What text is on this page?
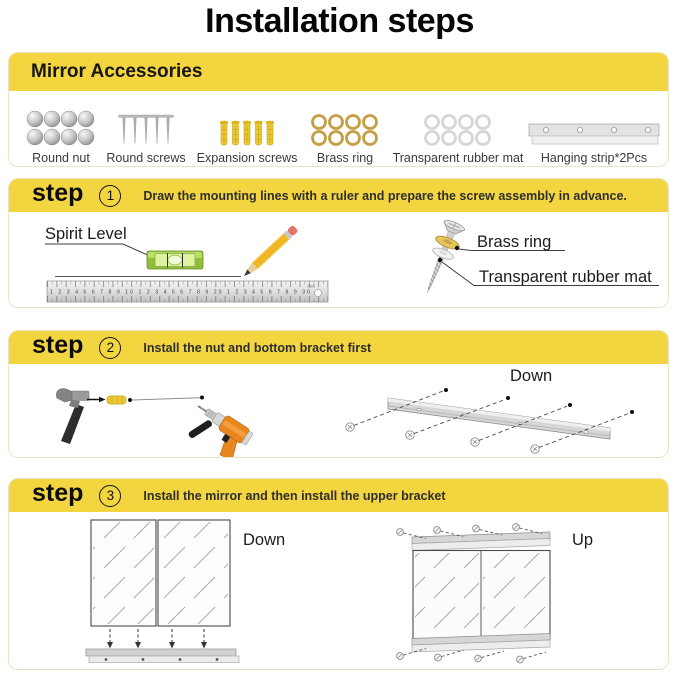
Installation steps
Mirror Accessories
Round nut Round screws Expansion screws Brass ring Transparent rubber mat Hanging strip*2Pcs
step	1	Draw the mounting lines with a ruler and prepare the screw assembly in advance.
Spirit Level
1 2 3 4 5 6 7 8 9 10 1 2 3 4 5 6 7 8 9 20 1 2 3 4 5 6 7 8 9 30
deli
Brass ring
Transparent rubber mat
step	2	Install the nut and bottom bracket first
Down
step	3	Install the mirror and then install the upper bracket
Down	Up
